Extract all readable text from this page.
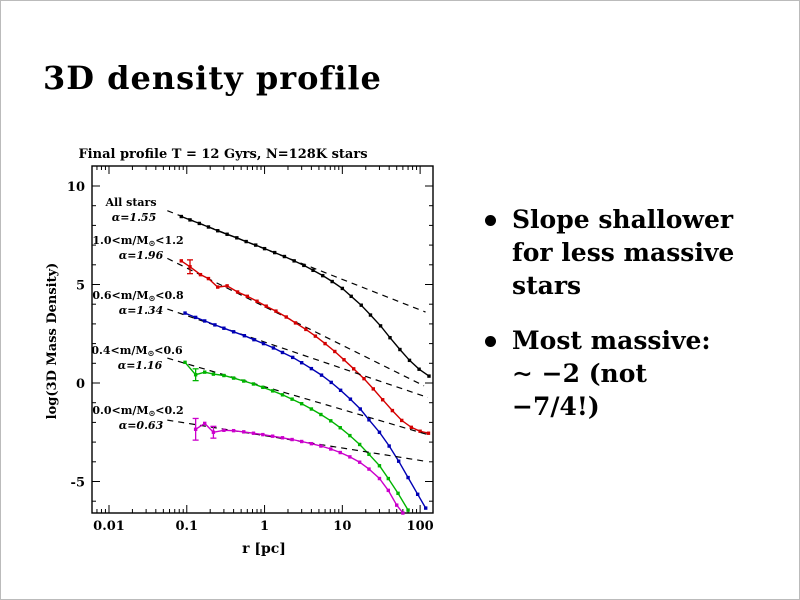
3D density profile
Final profile T = 12 Gyrs, N=128K stars
0.01	0.1	1	10	100
10
5
0
-5
r [pc]
log(3D Mass Density)
All stars
α=1.55
1.0<m/M⊙<1.2
α=1.96
0.6<m/M⊙<0.8
α=1.34
0.4<m/M⊙<0.6
α=1.16
0.0<m/M⊙<0.2
α=0.63
Slope shallower
for less massive
stars
Most massive:
∼ −2 (not
−7/4!)
